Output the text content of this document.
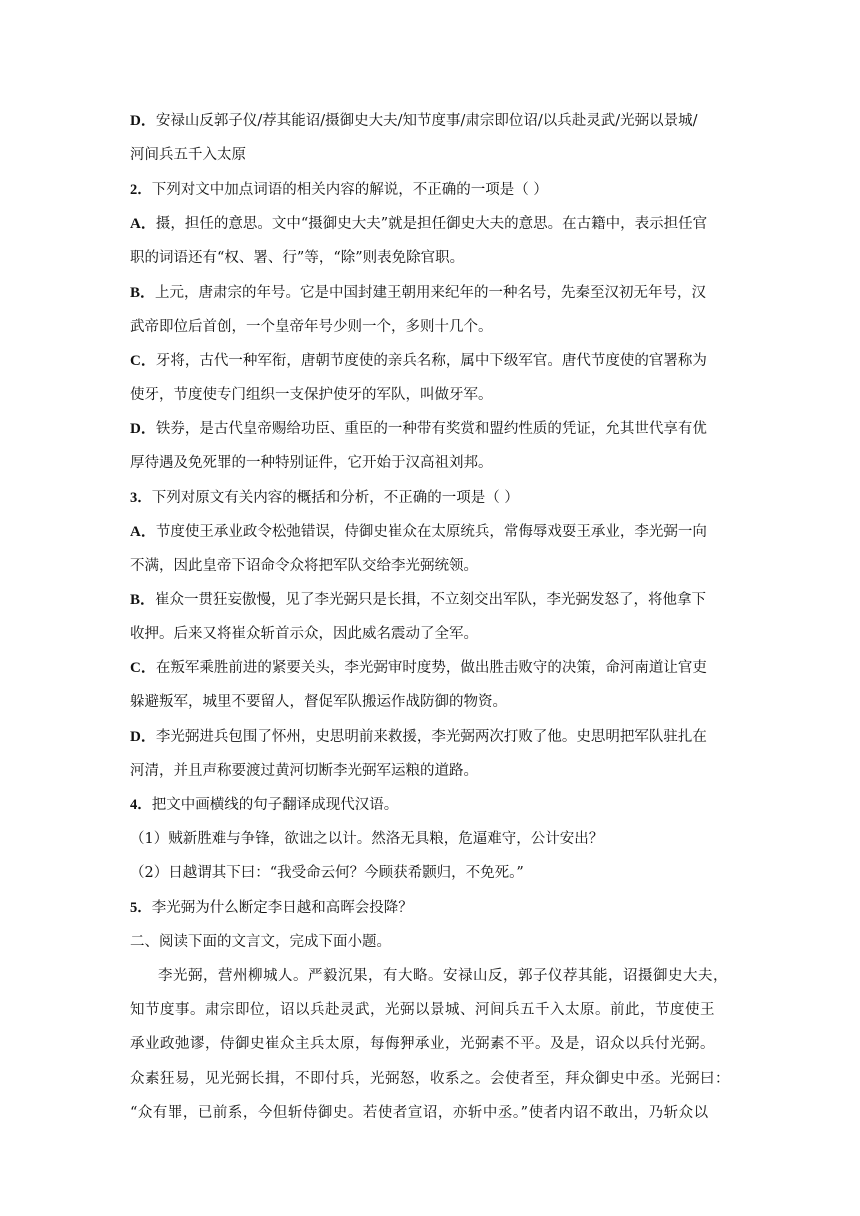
D．安禄山反郭子仪/荐其能诏/摄御史大夫/知节度事/肃宗即位诏/以兵赴灵武/光弼以景城/
河间兵五千入太原
2．下列对文中加点词语的相关内容的解说，不正确的一项是（ ）
A．摄，担任的意思。文中“摄御史大夫”就是担任御史大夫的意思。在古籍中，表示担任官
职的词语还有“权、署、行”等，“除”则表免除官职。
B．上元，唐肃宗的年号。它是中国封建王朝用来纪年的一种名号，先秦至汉初无年号，汉
武帝即位后首创，一个皇帝年号少则一个，多则十几个。
C．牙将，古代一种军衔，唐朝节度使的亲兵名称，属中下级军官。唐代节度使的官署称为
使牙，节度使专门组织一支保护使牙的军队，叫做牙军。
D．铁券，是古代皇帝赐给功臣、重臣的一种带有奖赏和盟约性质的凭证，允其世代享有优
厚待遇及免死罪的一种特别证件，它开始于汉高祖刘邦。
3．下列对原文有关内容的概括和分析，不正确的一项是（ ）
A．节度使王承业政令松弛错误，侍御史崔众在太原统兵，常侮辱戏耍王承业，李光弼一向
不满，因此皇帝下诏命令众将把军队交给李光弼统领。
B．崔众一贯狂妄傲慢，见了李光弼只是长揖，不立刻交出军队，李光弼发怒了，将他拿下
收押。后来又将崔众斩首示众，因此威名震动了全军。
C．在叛军乘胜前进的紧要关头，李光弼审时度势，做出胜击败守的决策，命河南道让官吏
躲避叛军，城里不要留人，督促军队搬运作战防御的物资。
D．李光弼进兵包围了怀州，史思明前来救援，李光弼两次打败了他。史思明把军队驻扎在
河清，并且声称要渡过黄河切断李光弼军运粮的道路。
4．把文中画横线的句子翻译成现代汉语。
（1）贼新胜难与争锋，欲诎之以计。然洛无具粮，危逼难守，公计安出？
（2）日越谓其下曰：“我受命云何？今顾获希颢归，不免死。”
5．李光弼为什么断定李日越和高晖会投降？
二、阅读下面的文言文，完成下面小题。
李光弼，营州柳城人。严毅沉果，有大略。安禄山反，郭子仪荐其能，诏摄御史大夫，
知节度事。肃宗即位，诏以兵赴灵武，光弼以景城、河间兵五千入太原。前此，节度使王
承业政弛谬，侍御史崔众主兵太原，每侮狎承业，光弼素不平。及是，诏众以兵付光弼。
众素狂易，见光弼长揖，不即付兵，光弼怒，收系之。会使者至，拜众御史中丞。光弼曰：
“众有罪，已前系，今但斩侍御史。若使者宣诏，亦斩中丞。”使者内诏不敢出，乃斩众以
